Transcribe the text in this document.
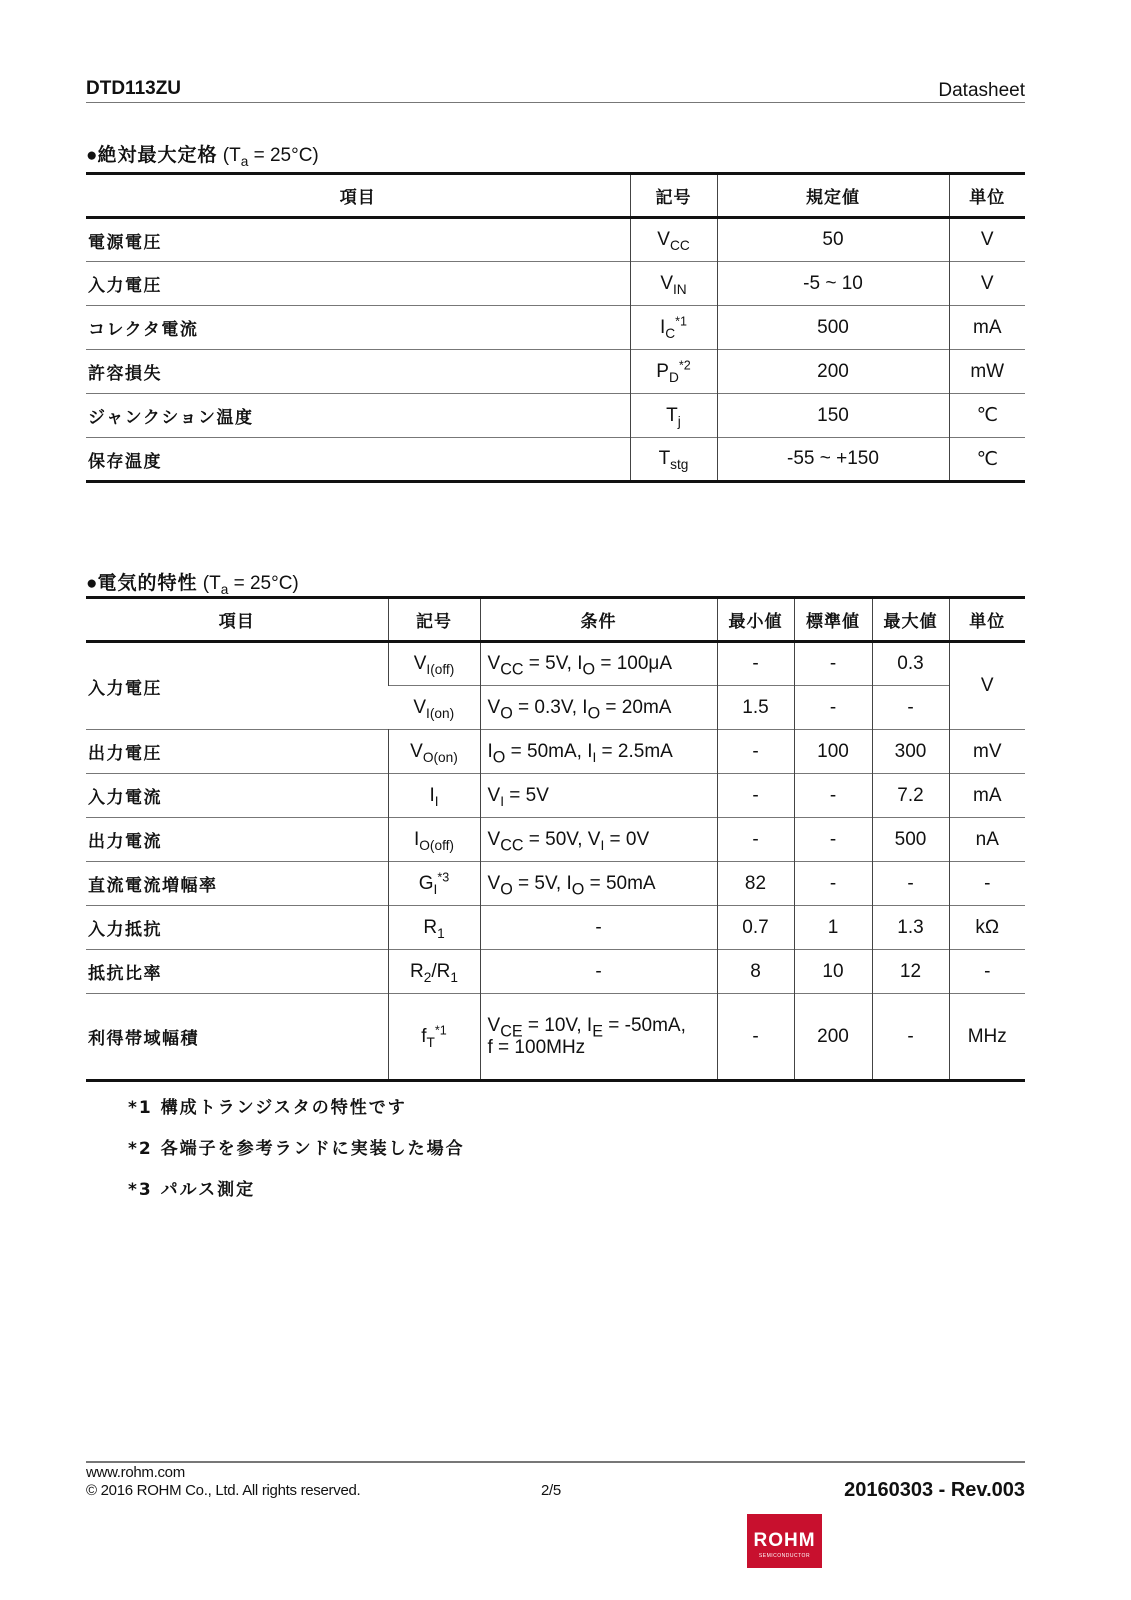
DTD113ZU	Datasheet
●絶対最大定格 $(T_a = 25^\circ C)$
項目	記号	規定値	単位
電源電圧	$V_{CC}$	50	V
入力電圧	$V_{IN}$	-5 ~ 10	V
コレクタ電流	$I_C^{*1}$	500	mA
許容損失	$P_D^{*2}$	200	mW
ジャンクション温度	$T_j$	150	℃
保存温度	$T_{stg}$	-55 ~ +150	℃
●電気的特性 $(T_a = 25^\circ C)$
項目	記号	条件	最小値	標準値	最大値	単位
入力電圧	$V_{I(off)}$	$V_{CC} = 5V$, $I_O = 100\mu A$	-	-	0.3	V
	$V_{I(on)}$	$V_O = 0.3V$, $I_O = 20mA$	1.5	-	-	
出力電圧	$V_{O(on)}$	$I_O = 50mA$, $I_I = 2.5mA$	-	100	300	mV
入力電流	$I_I$	$V_I = 5V$	-	-	7.2	mA
出力電流	$I_{O(off)}$	$V_{CC} = 50V$, $V_I = 0V$	-	-	500	nA
直流電流増幅率	$G_I^{*3}$	$V_O = 5V$, $I_O = 50mA$	82	-	-	-
入力抵抗	$R_1$	-	0.7	1	1.3	kΩ
抵抗比率	$R_2/R_1$	-	8	10	12	-
利得帯域幅積	$f_T^{*1}$	$V_{CE} = 10V$, $I_E = -50mA$,
f = 100MHz	-	200	-	MHz
*1 構成トランジスタの特性です
*2 各端子を参考ランドに実装した場合
*3 パルス測定
www.rohm.com
© 2016 ROHM Co., Ltd. All rights reserved.	2/5
ROHM
SEMICONDUCTOR
20160303 - Rev.003
